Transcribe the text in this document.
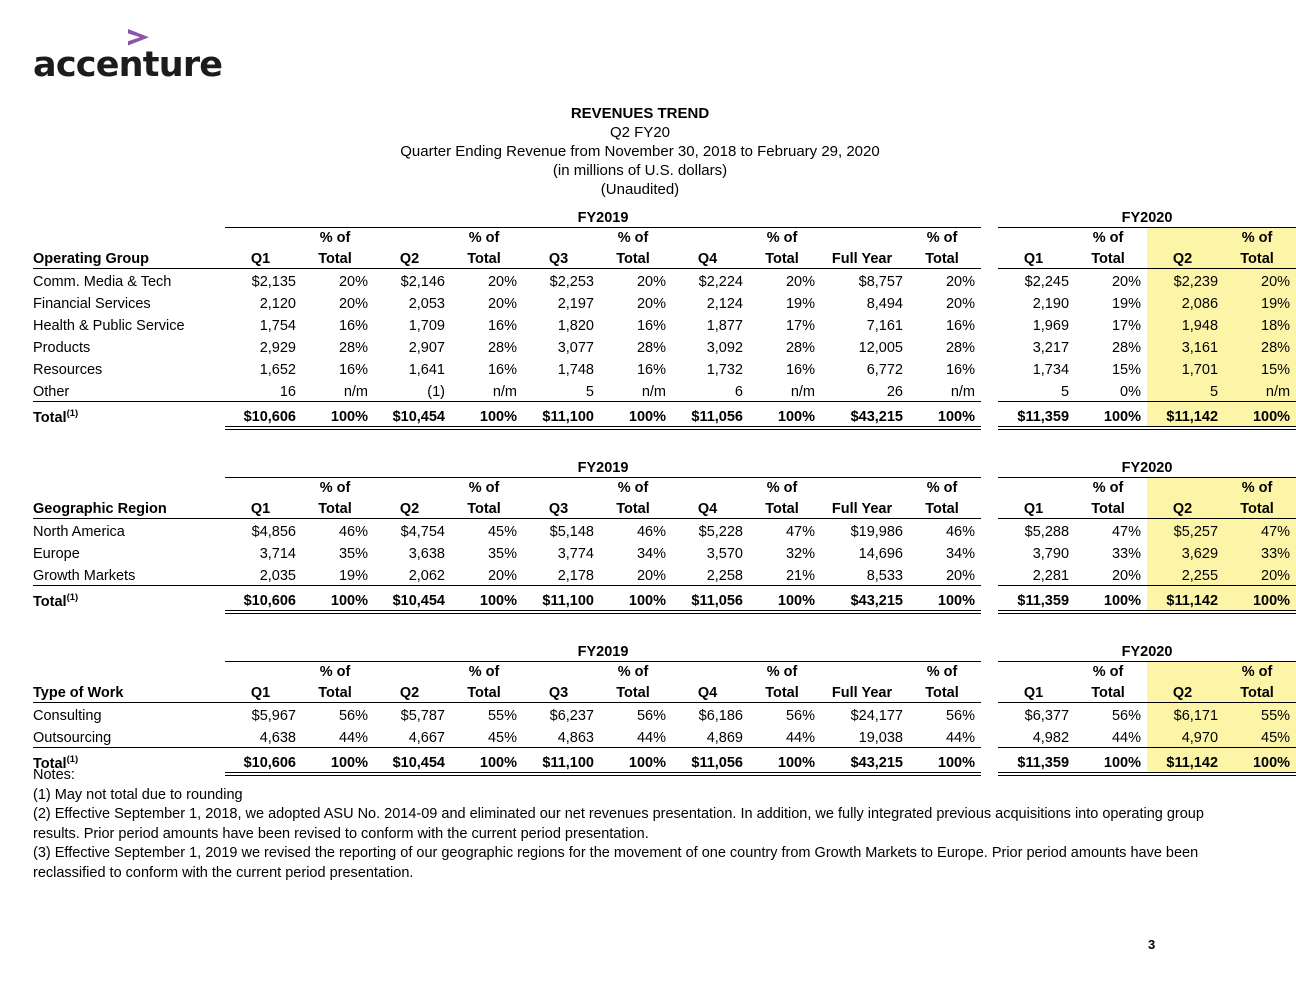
accenture
REVENUES TREND
Q2 FY20
Quarter Ending Revenue from November 30, 2018 to February 29, 2020
(in millions of U.S. dollars)
(Unaudited)

	FY2019											FY2020			

		% of		% of		% of		% of		% of			% of		% of

Operating Group	Q1	Total	Q2	Total	Q3	Total	Q4	Total	Full Year	Total		Q1	Total	Q2	Total

Comm. Media & Tech	$2,135	20%	$2,146	20%	$2,253	20%	$2,224	20%	$8,757	20%		$2,245	20%	$2,239	20%

Financial Services	2,120	20%	2,053	20%	2,197	20%	2,124	19%	8,494	20%		2,190	19%	2,086	19%

Health & Public Service	1,754	16%	1,709	16%	1,820	16%	1,877	17%	7,161	16%		1,969	17%	1,948	18%

Products	2,929	28%	2,907	28%	3,077	28%	3,092	28%	12,005	28%		3,217	28%	3,161	28%

Resources	1,652	16%	1,641	16%	1,748	16%	1,732	16%	6,772	16%		1,734	15%	1,701	15%

Other	16	n/m	(1)	n/m	5	n/m	6	n/m	26	n/m		5	0%	5	n/m

Total$^{(1)}$	$10,606	100%	$10,454	100%	$11,100	100%	$11,056	100%	$43,215	100%		$11,359	100%	$11,142	100%

	FY2019											FY2020			

		% of		% of		% of		% of		% of			% of		% of

Geographic Region	Q1	Total	Q2	Total	Q3	Total	Q4	Total	Full Year	Total		Q1	Total	Q2	Total

North America	$4,856	46%	$4,754	45%	$5,148	46%	$5,228	47%	$19,986	46%		$5,288	47%	$5,257	47%

Europe	3,714	35%	3,638	35%	3,774	34%	3,570	32%	14,696	34%		3,790	33%	3,629	33%

Growth Markets	2,035	19%	2,062	20%	2,178	20%	2,258	21%	8,533	20%		2,281	20%	2,255	20%

Total$^{(1)}$	$10,606	100%	$10,454	100%	$11,100	100%	$11,056	100%	$43,215	100%		$11,359	100%	$11,142	100%

	FY2019											FY2020			

		% of		% of		% of		% of		% of			% of		% of

Type of Work	Q1	Total	Q2	Total	Q3	Total	Q4	Total	Full Year	Total		Q1	Total	Q2	Total

Consulting	$5,967	56%	$5,787	55%	$6,237	56%	$6,186	56%	$24,177	56%		$6,377	56%	$6,171	55%

Outsourcing	4,638	44%	4,667	45%	4,863	44%	4,869	44%	19,038	44%		4,982	44%	4,970	45%

Total$^{(1)}$	$10,606	100%	$10,454	100%	$11,100	100%	$11,056	100%	$43,215	100%		$11,359	100%	$11,142	100%
Notes:
(1) May not total due to rounding
(2) Effective September 1, 2018, we adopted ASU No. 2014-09 and eliminated our net revenues presentation. In addition, we fully integrated previous acquisitions into operating group results. Prior period amounts have been revised to conform with the current period presentation.
(3) Effective September 1, 2019 we revised the reporting of our geographic regions for the movement of one country from Growth Markets to Europe. Prior period amounts have been reclassified to conform with the current period presentation.
3
